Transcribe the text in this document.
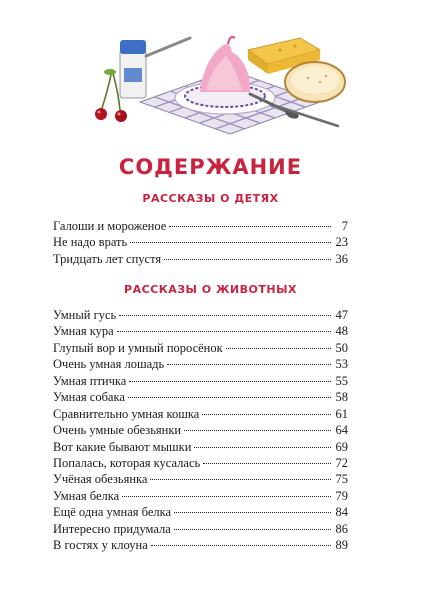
СОДЕРЖАНИЕ
РАССКАЗЫ О ДЕТЯХ
Галоши и мороженое	7
Не надо врать	23
Тридцать лет спустя	36
РАССКАЗЫ О ЖИВОТНЫХ
Умный гусь	47
Умная кура	48
Глупый вор и умный поросёнок	50
Очень умная лошадь	53
Умная птичка	55
Умная собака	58
Сравнительно умная кошка	61
Очень умные обезьянки	64
Вот какие бывают мышки	69
Попалась, которая кусалась	72
Учёная обезьянка	75
Умная белка	79
Ещё одна умная белка	84
Интересно придумала	86
В гостях у клоуна	89
